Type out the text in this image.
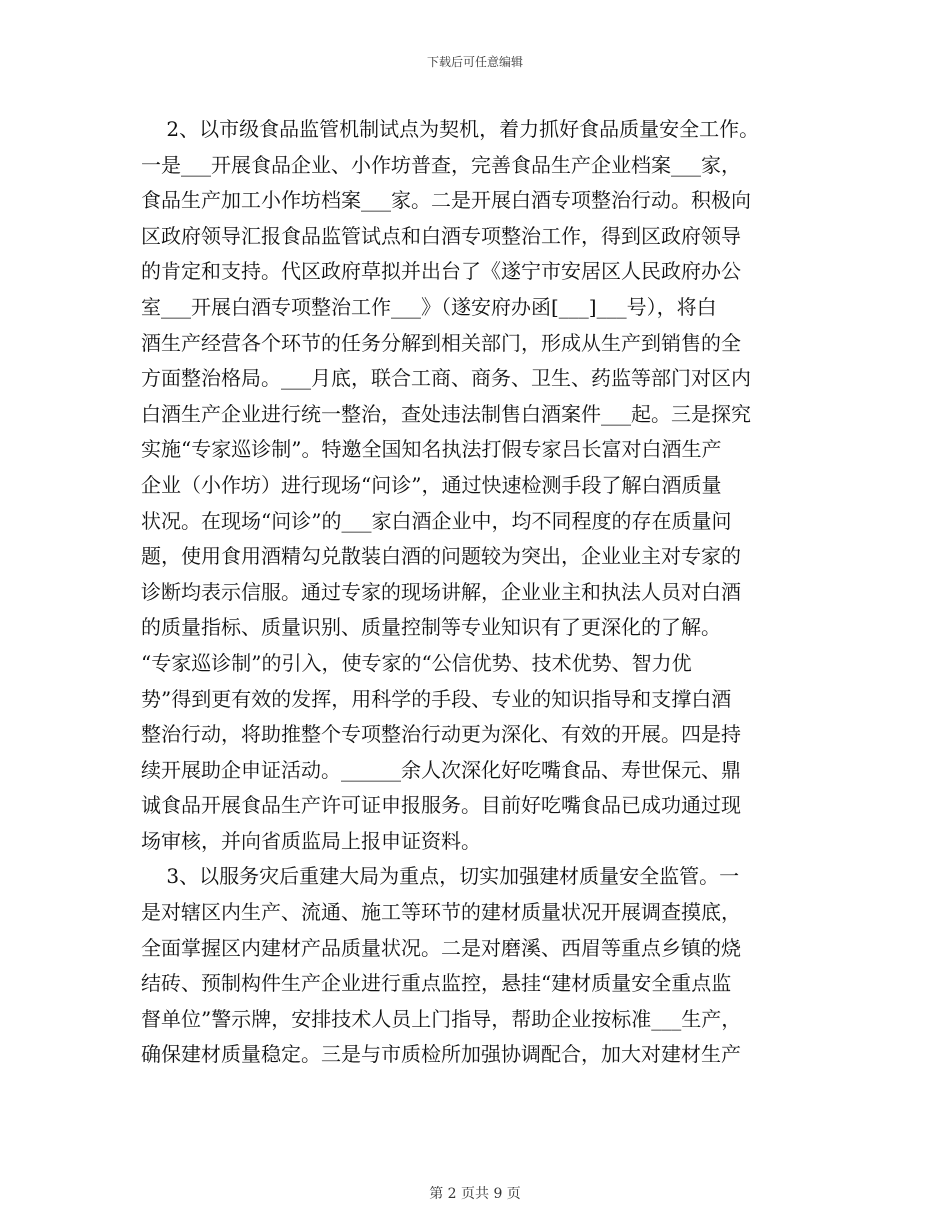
下载后可任意编辑
2、以市级食品监管机制试点为契机，着力抓好食品质量安全工作。
一是___开展食品企业、小作坊普查，完善食品生产企业档案___家，
食品生产加工小作坊档案___家。二是开展白酒专项整治行动。积极向
区政府领导汇报食品监管试点和白酒专项整治工作，得到区政府领导
的肯定和支持。代区政府草拟并出台了《遂宁市安居区人民政府办公
室___开展白酒专项整治工作___》（遂安府办函[___]___号），将白
酒生产经营各个环节的任务分解到相关部门，形成从生产到销售的全
方面整治格局。___月底，联合工商、商务、卫生、药监等部门对区内
白酒生产企业进行统一整治，查处违法制售白酒案件___起。三是探究
实施“专家巡诊制”。特邀全国知名执法打假专家吕长富对白酒生产
企业（小作坊）进行现场“问诊”，通过快速检测手段了解白酒质量
状况。在现场“问诊”的___家白酒企业中，均不同程度的存在质量问
题，使用食用酒精勾兑散装白酒的问题较为突出，企业业主对专家的
诊断均表示信服。通过专家的现场讲解，企业业主和执法人员对白酒
的质量指标、质量识别、质量控制等专业知识有了更深化的了解。
“专家巡诊制”的引入，使专家的“公信优势、技术优势、智力优
势”得到更有效的发挥，用科学的手段、专业的知识指导和支撑白酒
整治行动，将助推整个专项整治行动更为深化、有效的开展。四是持
续开展助企申证活动。______余人次深化好吃嘴食品、寿世保元、鼎
诚食品开展食品生产许可证申报服务。目前好吃嘴食品已成功通过现
场审核，并向省质监局上报申证资料。
3、以服务灾后重建大局为重点，切实加强建材质量安全监管。一
是对辖区内生产、流通、施工等环节的建材质量状况开展调查摸底，
全面掌握区内建材产品质量状况。二是对磨溪、西眉等重点乡镇的烧
结砖、预制构件生产企业进行重点监控，悬挂“建材质量安全重点监
督单位”警示牌，安排技术人员上门指导，帮助企业按标准___生产，
确保建材质量稳定。三是与市质检所加强协调配合，加大对建材生产
第 2 页共 9 页
